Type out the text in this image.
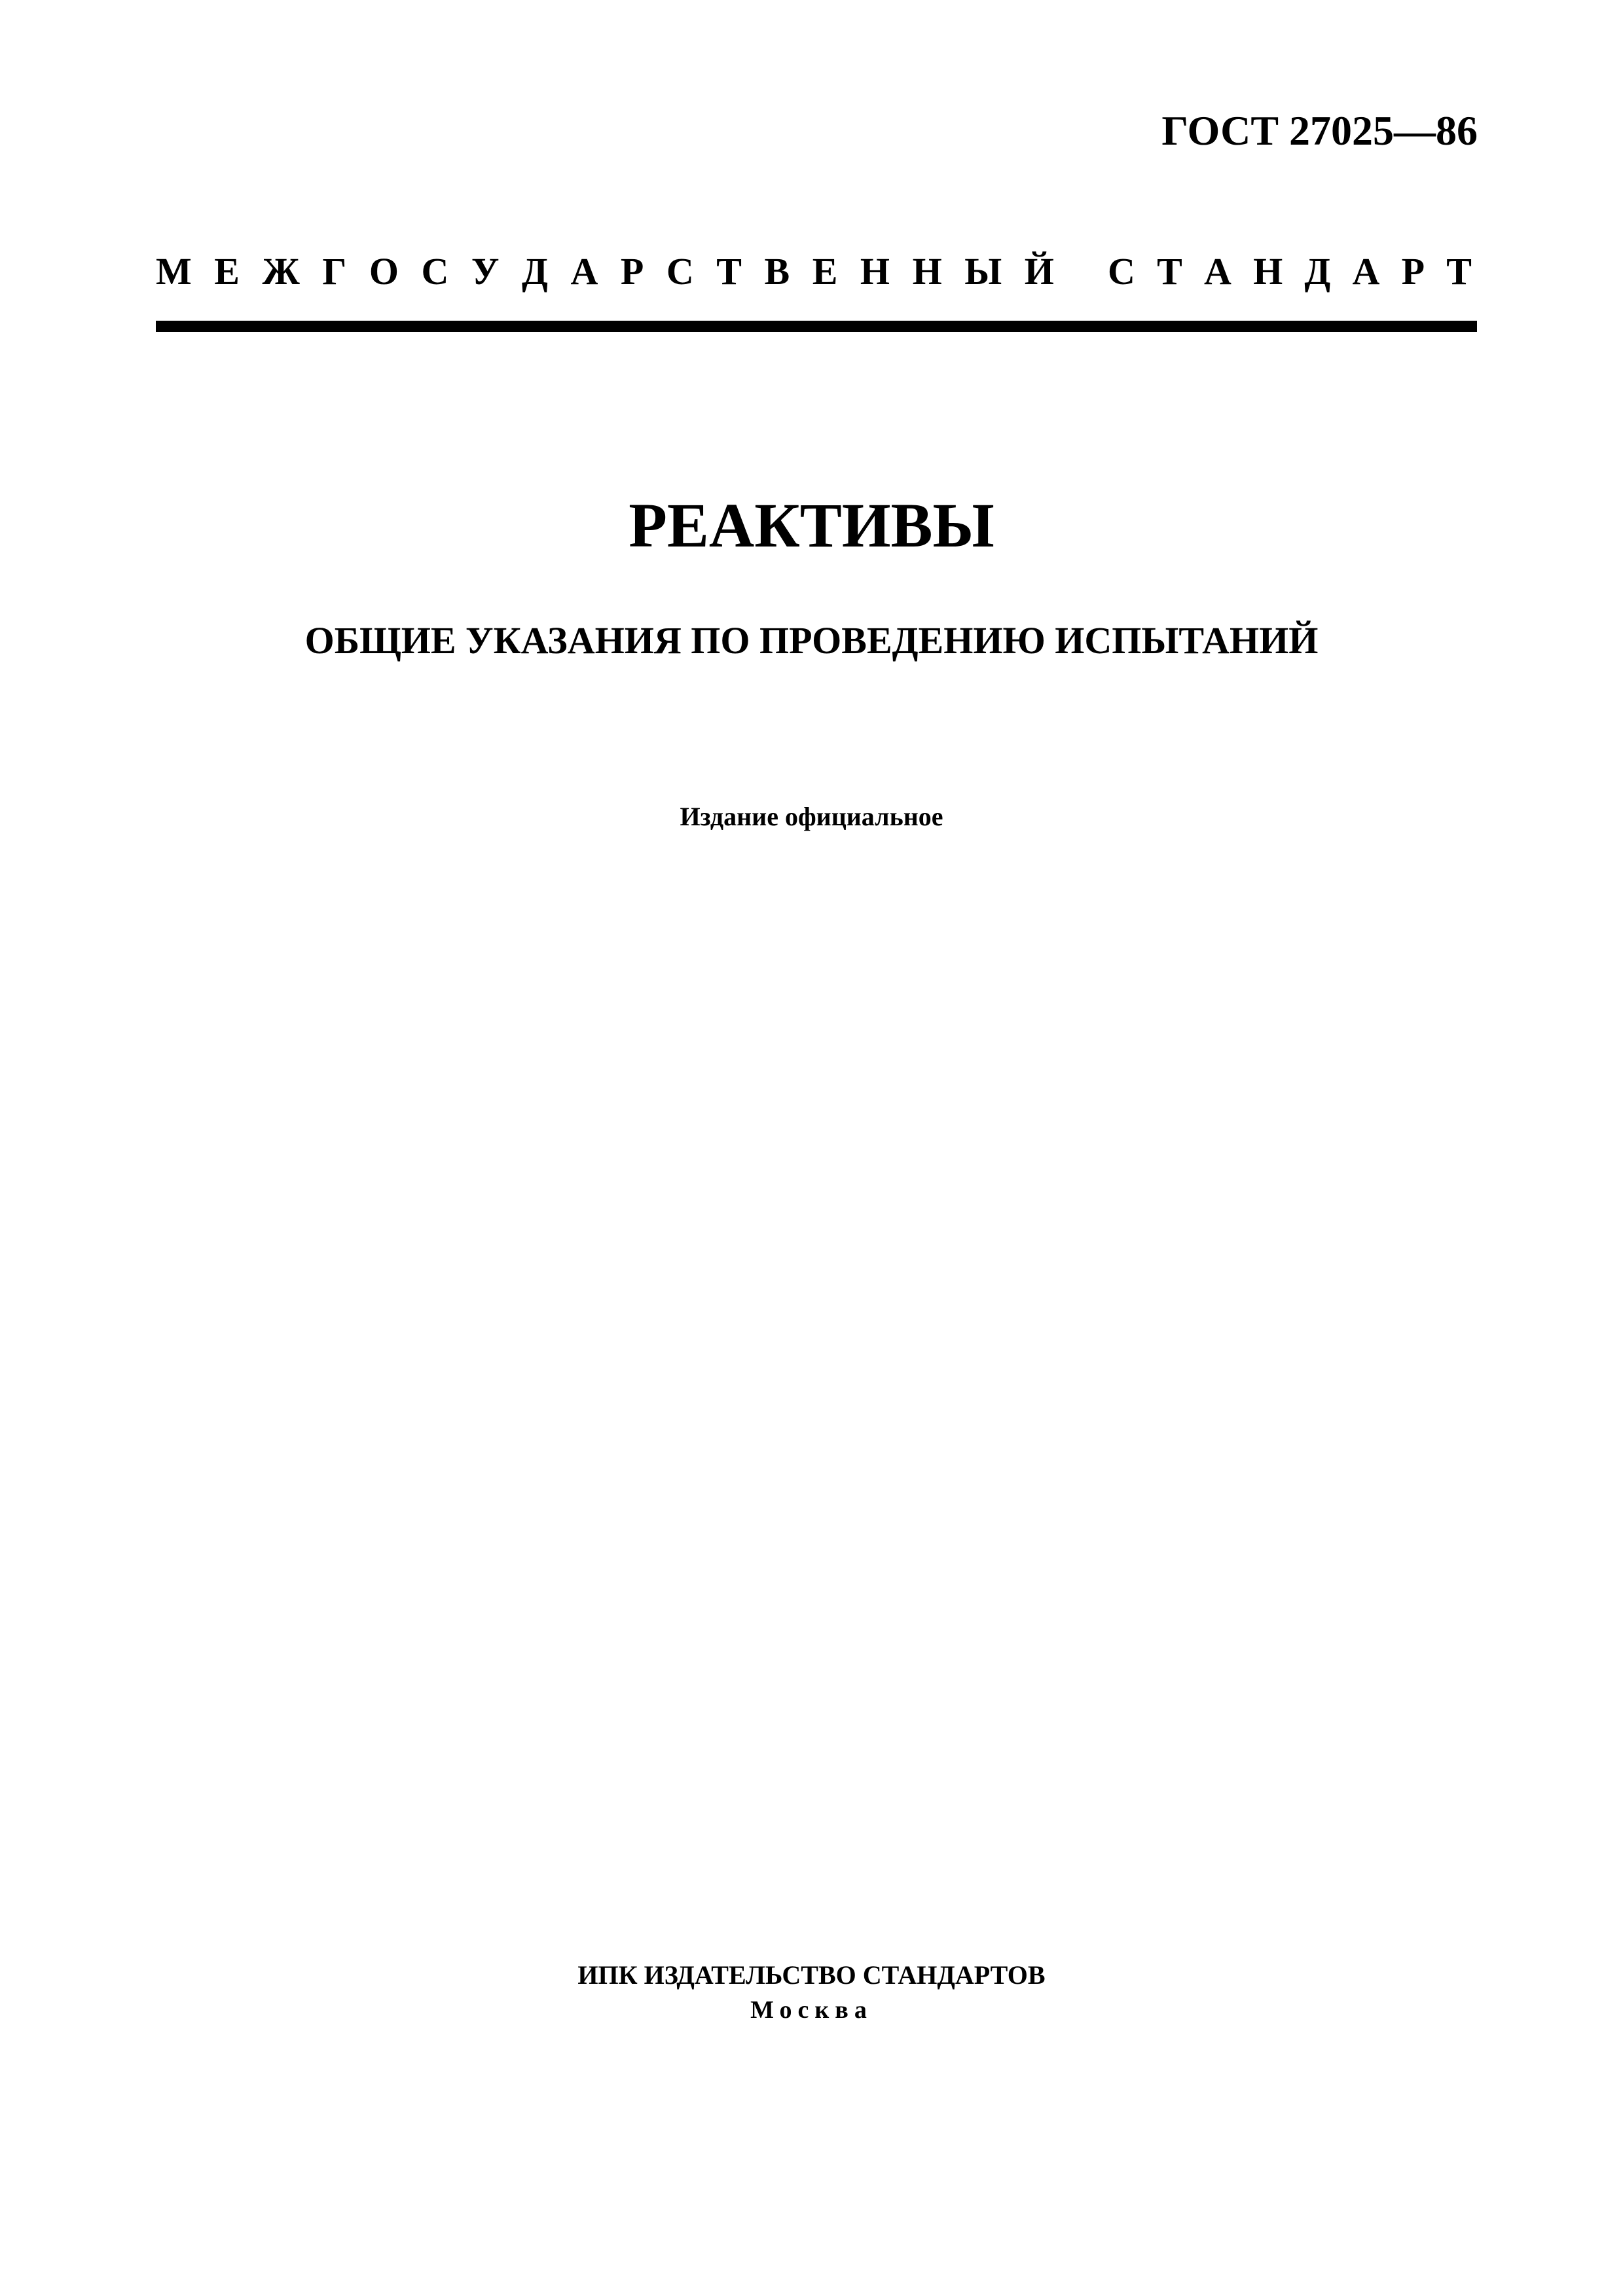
ГОСТ 27025—86
М Е Ж Г О С У Д А Р С Т В Е Н Н Ы Й С Т А Н Д А Р Т
РЕАКТИВЫ
ОБЩИЕ УКАЗАНИЯ ПО ПРОВЕДЕНИЮ ИСПЫТАНИЙ
Издание официальное
ИПК ИЗДАТЕЛЬСТВО СТАНДАРТОВ
Москва
